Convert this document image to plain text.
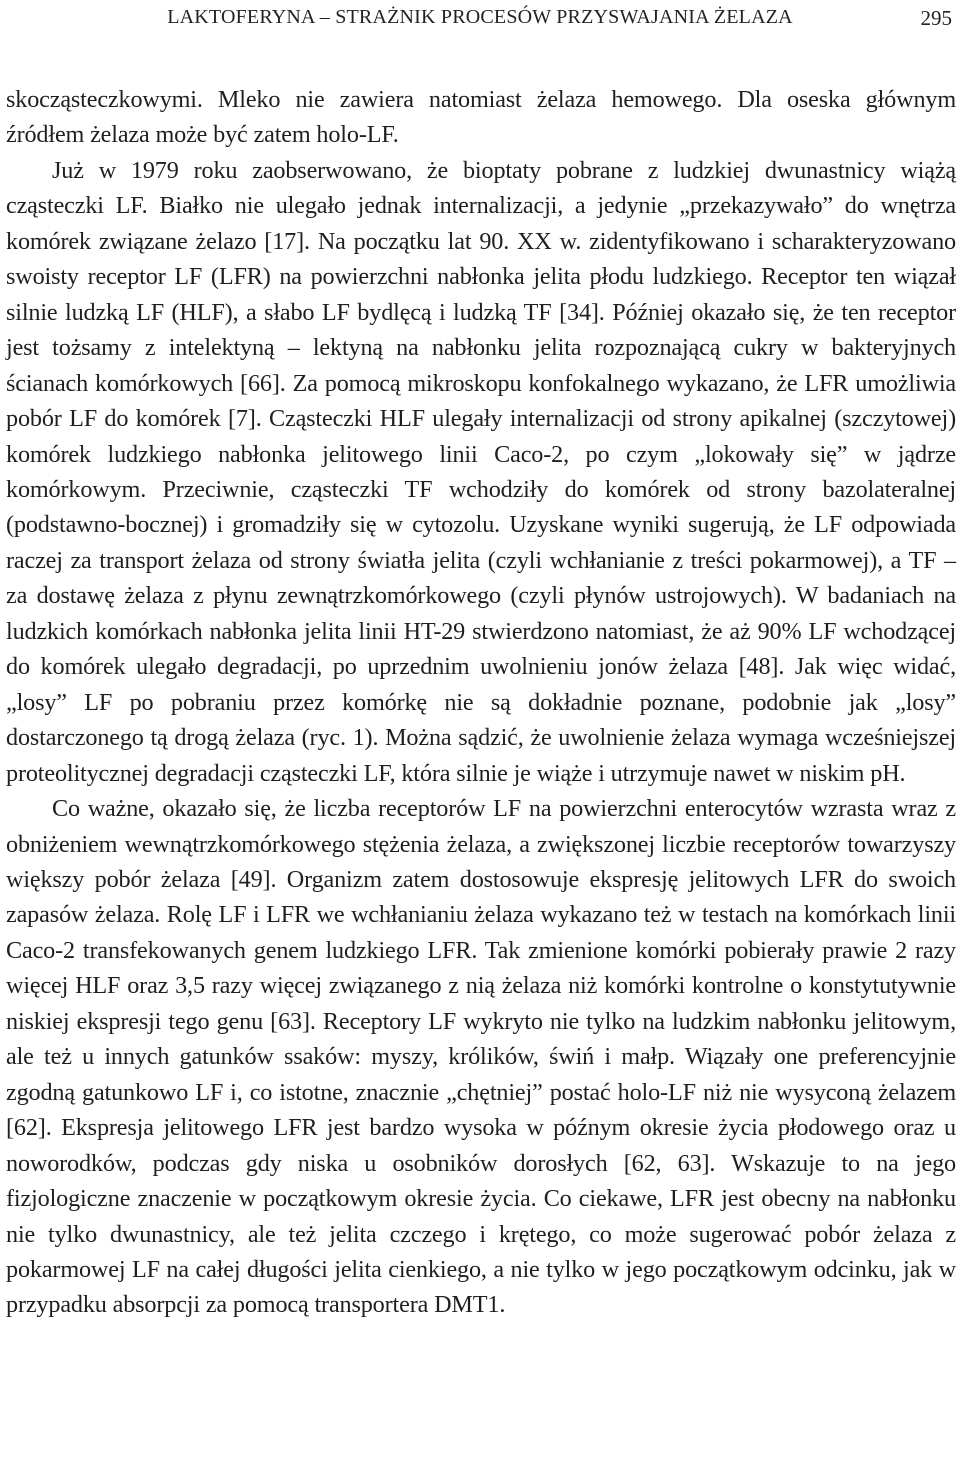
LAKTOFERYNA – STRAŻNIK PROCESÓW PRZYSWAJANIA ŻELAZA	295

skocząsteczkowymi. Mleko nie zawiera natomiast żelaza hemowego. Dla oseska głównym źródłem żelaza może być zatem holo-LF.

Już w 1979 roku zaobserwowano, że bioptaty pobrane z ludzkiej dwunastnicy wiążą cząsteczki LF. Białko nie ulegało jednak internalizacji, a jedynie „przekazywało” do wnętrza komórek związane żelazo [17]. Na początku lat 90. XX w. zidentyfikowano i scharakteryzowano swoisty receptor LF (LFR) na powierzchni nabłonka jelita płodu ludzkiego. Receptor ten wiązał silnie ludzką LF (HLF), a słabo LF bydlęcą i ludzką TF [34]. Później okazało się, że ten receptor jest tożsamy z intelektyną – lektyną na nabłonku jelita rozpoznającą cukry w bakteryjnych ścianach komórkowych [66]. Za pomocą mikroskopu konfokalnego wykazano, że LFR umożliwia pobór LF do komórek [7]. Cząsteczki HLF ulegały internalizacji od strony apikalnej (szczytowej) komórek ludzkiego nabłonka jelitowego linii Caco-2, po czym „lokowały się” w jądrze komórkowym. Przeciwnie, cząsteczki TF wchodziły do komórek od strony bazolateralnej (podstawno-bocznej) i gromadziły się w cytozolu. Uzyskane wyniki sugerują, że LF odpowiada raczej za transport żelaza od strony światła jelita (czyli wchłanianie z treści pokarmowej), a TF – za dostawę żelaza z płynu zewnątrzkomórkowego (czyli płynów ustrojowych). W badaniach na ludzkich komórkach nabłonka jelita linii HT-29 stwierdzono natomiast, że aż 90% LF wchodzącej do komórek ulegało degradacji, po uprzednim uwolnieniu jonów żelaza [48]. Jak więc widać, „losy” LF po pobraniu przez komórkę nie są dokładnie poznane, podobnie jak „losy” dostarczonego tą drogą żelaza (ryc. 1). Można sądzić, że uwolnienie żelaza wymaga wcześniejszej proteolitycznej degradacji cząsteczki LF, która silnie je wiąże i utrzymuje nawet w niskim pH.

Co ważne, okazało się, że liczba receptorów LF na powierzchni enterocytów wzrasta wraz z obniżeniem wewnątrzkomórkowego stężenia żelaza, a zwiększonej liczbie receptorów towarzyszy większy pobór żelaza [49]. Organizm zatem dostosowuje ekspresję jelitowych LFR do swoich zapasów żelaza. Rolę LF i LFR we wchłanianiu żelaza wykazano też w testach na komórkach linii Caco-2 transfekowanych genem ludzkiego LFR. Tak zmienione komórki pobierały prawie 2 razy więcej HLF oraz 3,5 razy więcej związanego z nią żelaza niż komórki kontrolne o konstytutywnie niskiej ekspresji tego genu [63]. Receptory LF wykryto nie tylko na ludzkim nabłonku jelitowym, ale też u innych gatunków ssaków: myszy, królików, świń i małp. Wiązały one preferencyjnie zgodną gatunkowo LF i, co istotne, znacznie „chętniej” postać holo-LF niż nie wysyconą żelazem [62]. Ekspresja jelitowego LFR jest bardzo wysoka w późnym okresie życia płodowego oraz u noworodków, podczas gdy niska u osobników dorosłych [62, 63]. Wskazuje to na jego fizjologiczne znaczenie w początkowym okresie życia. Co ciekawe, LFR jest obecny na nabłonku nie tylko dwunastnicy, ale też jelita czczego i krętego, co może sugerować pobór żelaza z pokarmowej LF na całej długości jelita cienkiego, a nie tylko w jego początkowym odcinku, jak w przypadku absorpcji za pomocą transportera DMT1.
